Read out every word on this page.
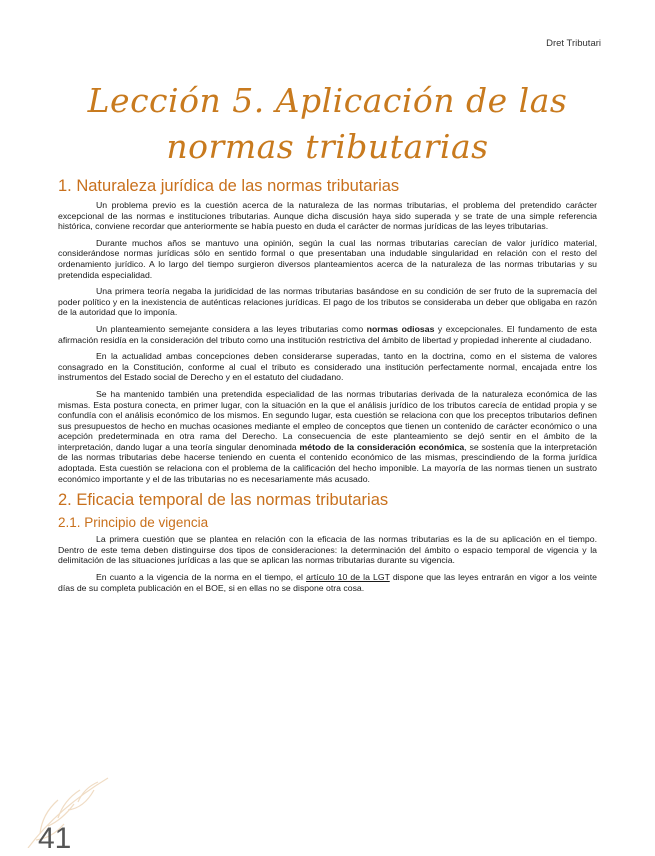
Dret Tributari
Lección 5. Aplicación de las normas tributarias
1. Naturaleza jurídica de las normas tributarias

Un problema previo es la cuestión acerca de la naturaleza de las normas tributarias, el problema del pretendido carácter excepcional de las normas e instituciones tributarias. Aunque dicha discusión haya sido superada y se trate de una simple referencia histórica, conviene recordar que anteriormente se había puesto en duda el carácter de normas jurídicas de las leyes tributarias.

Durante muchos años se mantuvo una opinión, según la cual las normas tributarias carecían de valor jurídico material, considerándose normas jurídicas sólo en sentido formal o que presentaban una indudable singularidad en relación con el resto del ordenamiento jurídico. A lo largo del tiempo surgieron diversos planteamientos acerca de la naturaleza de las normas tributarias y su pretendida especialidad.

Una primera teoría negaba la juridicidad de las normas tributarias basándose en su condición de ser fruto de la supremacía del poder político y en la inexistencia de auténticas relaciones jurídicas. El pago de los tributos se consideraba un deber que obligaba en razón de la autoridad que lo imponía.

Un planteamiento semejante considera a las leyes tributarias como normas odiosas y excepcionales. El fundamento de esta afirmación residía en la consideración del tributo como una institución restrictiva del ámbito de libertad y propiedad inherente al ciudadano.

En la actualidad ambas concepciones deben considerarse superadas, tanto en la doctrina, como en el sistema de valores consagrado en la Constitución, conforme al cual el tributo es considerado una institución perfectamente normal, encajada entre los instrumentos del Estado social de Derecho y en el estatuto del ciudadano.

Se ha mantenido también una pretendida especialidad de las normas tributarias derivada de la naturaleza económica de las mismas. Esta postura conecta, en primer lugar, con la situación en la que el análisis jurídico de los tributos carecía de entidad propia y se confundía con el análisis económico de los mismos. En segundo lugar, esta cuestión se relaciona con que los preceptos tributarios definen sus presupuestos de hecho en muchas ocasiones mediante el empleo de conceptos que tienen un contenido de carácter económico o una acepción predeterminada en otra rama del Derecho. La consecuencia de este planteamiento se dejó sentir en el ámbito de la interpretación, dando lugar a una teoría singular denominada método de la consideración económica, se sostenía que la interpretación de las normas tributarias debe hacerse teniendo en cuenta el contenido económico de las mismas, prescindiendo de la forma jurídica adoptada. Esta cuestión se relaciona con el problema de la calificación del hecho imponible. La mayoría de las normas tienen un sustrato económico importante y el de las tributarias no es necesariamente más acusado.

2. Eficacia temporal de las normas tributarias
2.1. Principio de vigencia

La primera cuestión que se plantea en relación con la eficacia de las normas tributarias es la de su aplicación en el tiempo. Dentro de este tema deben distinguirse dos tipos de consideraciones: la determinación del ámbito o espacio temporal de vigencia y la delimitación de las situaciones jurídicas a las que se aplican las normas tributarias durante su vigencia.

En cuanto a la vigencia de la norma en el tiempo, el artículo 10 de la LGT dispone que las leyes entrarán en vigor a los veinte días de su completa publicación en el BOE, si en ellas no se dispone otra cosa.

41
